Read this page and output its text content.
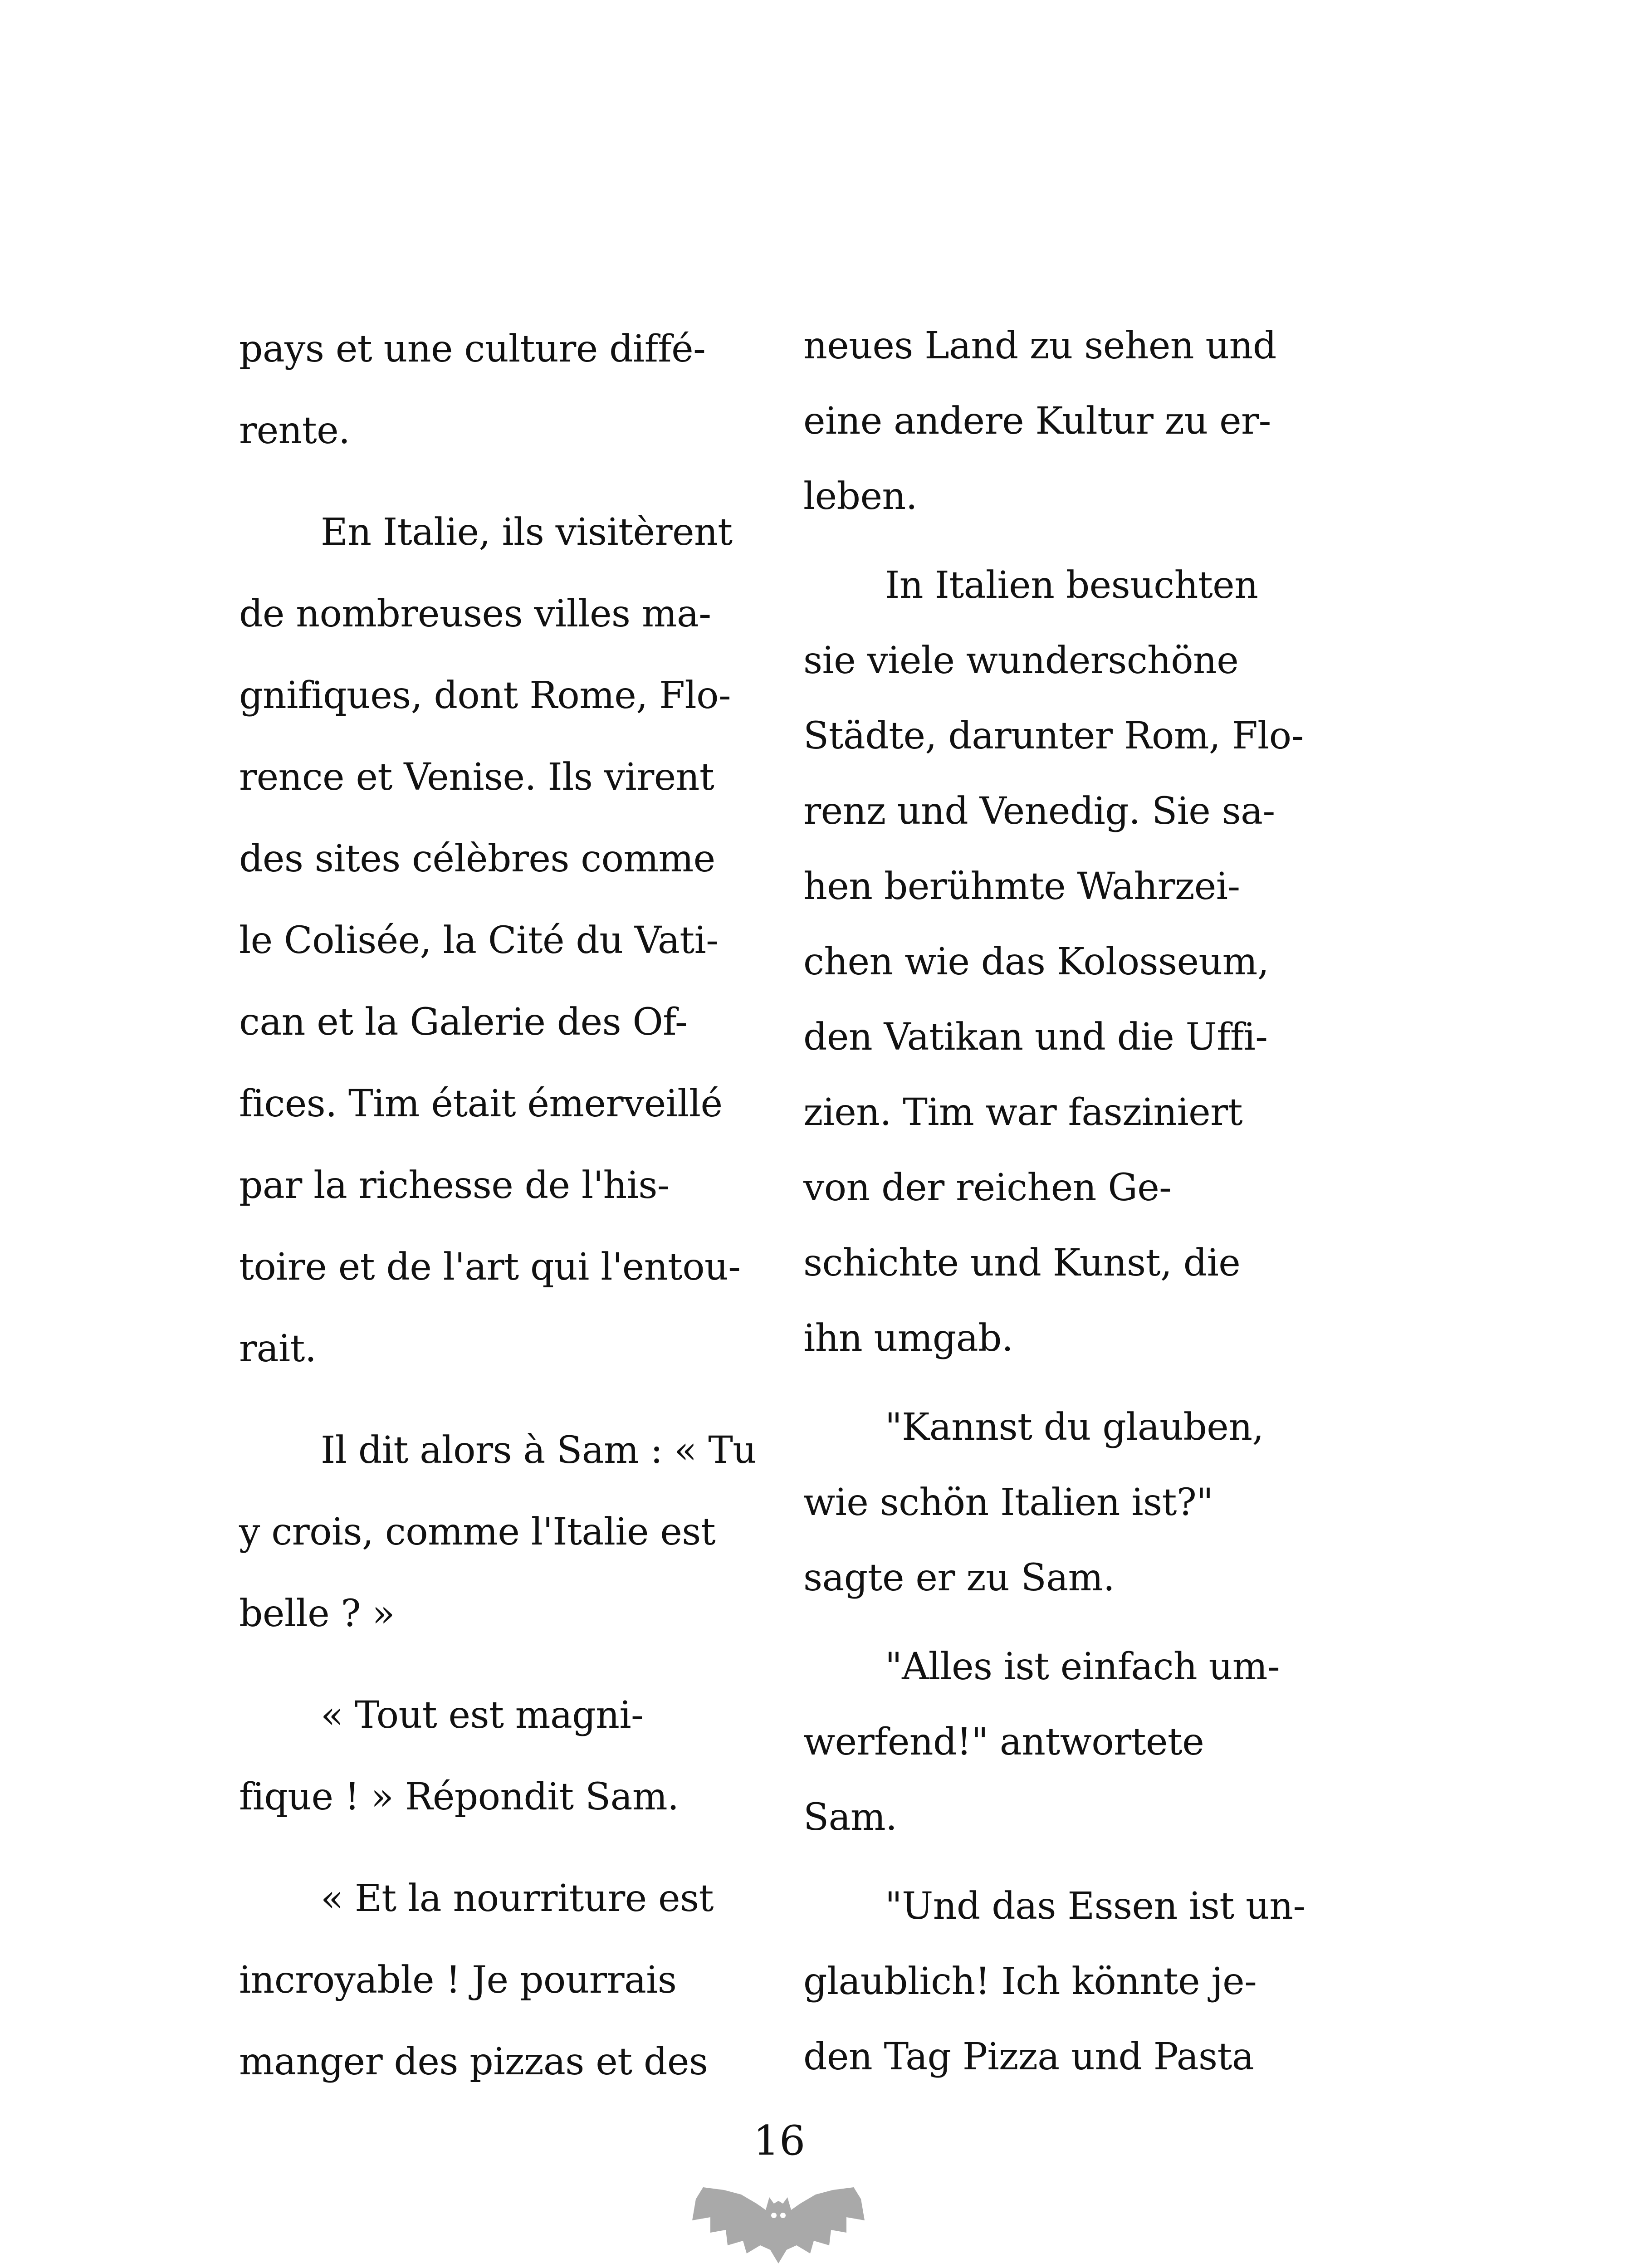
pays et une culture diffé-
rente.
En Italie, ils visitèrent
de nombreuses villes ma-
gnifiques, dont Rome, Flo-
rence et Venise. Ils virent
des sites célèbres comme
le Colisée, la Cité du Vati-
can et la Galerie des Of-
fices. Tim était émerveillé
par la richesse de l'his-
toire et de l'art qui l'entou-
rait.
Il dit alors à Sam : « Tu
y crois, comme l'Italie est
belle ? »
« Tout est magni-
fique ! » Répondit Sam.
« Et la nourriture est
incroyable ! Je pourrais
manger des pizzas et des
neues Land zu sehen und
eine andere Kultur zu er-
leben.
In Italien besuchten
sie viele wunderschöne
Städte, darunter Rom, Flo-
renz und Venedig. Sie sa-
hen berühmte Wahrzei-
chen wie das Kolosseum,
den Vatikan und die Uffi-
zien. Tim war fasziniert
von der reichen Ge-
schichte und Kunst, die
ihn umgab.
"Kannst du glauben,
wie schön Italien ist?"
sagte er zu Sam.
"Alles ist einfach um-
werfend!" antwortete
Sam.
"Und das Essen ist un-
glaublich! Ich könnte je-
den Tag Pizza und Pasta
16
